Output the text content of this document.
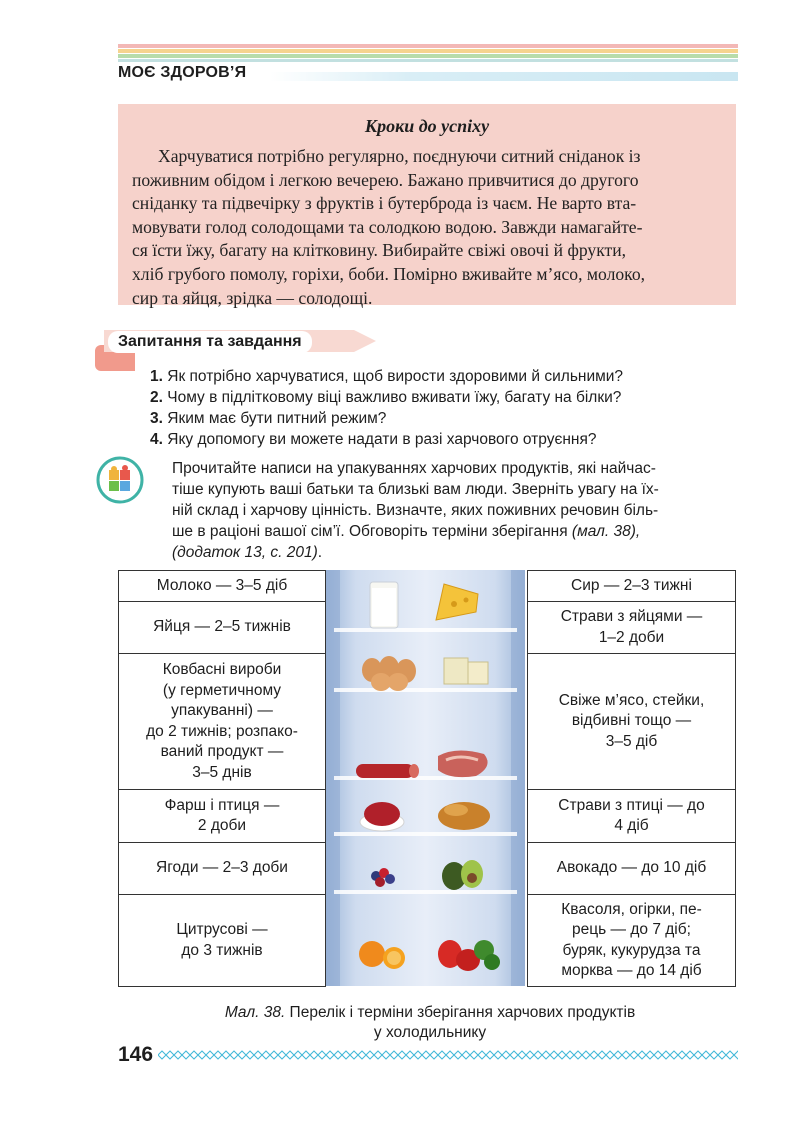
МОЄ ЗДОРОВ’Я
Кроки до успіху
Харчуватися потрібно регулярно, поєднуючи ситний сніданок із
поживним обідом і легкою вечерею. Бажано привчитися до другого
сніданку та підвечірку з фруктів і бутерброда із чаєм. Не варто вта-
мовувати голод солодощами та солодкою водою. Завжди намагайте-
ся їсти їжу, багату на клітковину. Вибирайте свіжі овочі й фрукти,
хліб грубого помолу, горіхи, боби. Помірно вживайте м’ясо, молоко,
сир та яйця, зрідка — солодощі.
Запитання та завдання
1. Як потрібно харчуватися, щоб вирости здоровими й сильними?
2. Чому в підлітковому віці важливо вживати їжу, багату на білки?
3. Яким має бути питний режим?
4. Яку допомогу ви можете надати в разі харчового отруєння?
Прочитайте написи на упакуваннях харчових продуктів, які найчас-
тіше купують ваші батьки та близькі вам люди. Зверніть увагу на їх-
ній склад і харчову цінність. Визначте, яких поживних речовин біль-
ше в раціоні вашої сім’ї. Обговоріть терміни зберігання (мал. 38),
(додаток 13, с. 201).
Молоко — 3–5 діб
Яйця — 2–5 тижнів
Ковбасні вироби
(у герметичному
упакуванні) —
до 2 тижнів; розпако-
ваний продукт —
3–5 днів
Фарш і птиця —
2 доби
Ягоди — 2–3 доби
Цитрусові —
до 3 тижнів
Сир — 2–3 тижні
Страви з яйцями —
1–2 доби
Свіже м’ясо, стейки,
відбивні тощо —
3–5 діб
Страви з птиці — до
4 діб
Авокадо — до 10 діб
Квасоля, огірки, пе-
рець — до 7 діб;
буряк, кукурудза та
морква — до 14 діб
Мал. 38. Перелік і терміни зберігання харчових продуктів
у холодильнику
146
